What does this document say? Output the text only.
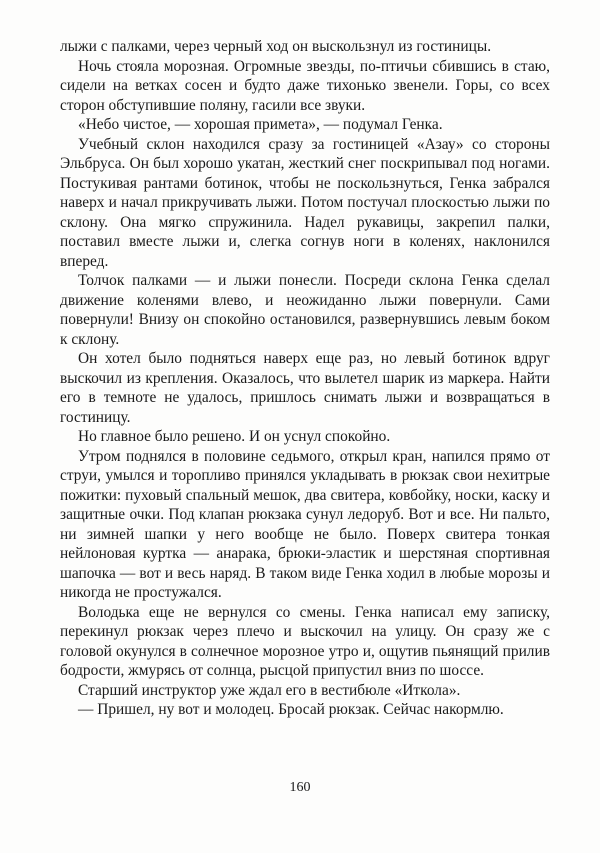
лыжи с палками, через черный ход он выскользнул из гостиницы.

Ночь стояла морозная. Огромные звезды, по-птичьи сбившись в стаю, сидели на ветках сосен и будто даже тихонько звенели. Горы, со всех сторон обступившие поляну, гасили все звуки.

«Небо чистое, — хорошая примета», — подумал Генка.

Учебный склон находился сразу за гостиницей «Азау» со стороны Эльбруса. Он был хорошо укатан, жесткий снег поскрипывал под ногами. Постукивая рантами ботинок, чтобы не поскользнуться, Генка забрался наверх и начал прикручивать лыжи. Потом постучал плоскостью лыжи по склону. Она мягко спружинила. Надел рукавицы, закрепил палки, поставил вместе лыжи и, слегка согнув ноги в коленях, наклонился вперед.

Толчок палками — и лыжи понесли. Посреди склона Генка сделал движение коленями влево, и неожиданно лыжи повернули. Сами повернули! Внизу он спокойно остановился, развернувшись левым боком к склону.

Он хотел было подняться наверх еще раз, но левый ботинок вдруг выскочил из крепления. Оказалось, что вылетел шарик из маркера. Найти его в темноте не удалось, пришлось снимать лыжи и возвращаться в гостиницу.

Но главное было решено. И он уснул спокойно.

Утром поднялся в половине седьмого, открыл кран, напился прямо от струи, умылся и торопливо принялся укладывать в рюкзак свои нехитрые пожитки: пуховый спальный мешок, два свитера, ковбойку, носки, каску и защитные очки. Под клапан рюкзака сунул ледоруб. Вот и все. Ни пальто, ни зимней шапки у него вообще не было. Поверх свитера тонкая нейлоновая куртка — анарака, брюки-эластик и шерстяная спортивная шапочка — вот и весь наряд. В таком виде Генка ходил в любые морозы и никогда не простужался.

Володька еще не вернулся со смены. Генка написал ему записку, перекинул рюкзак через плечо и выскочил на улицу. Он сразу же с головой окунулся в солнечное морозное утро и, ощутив пьянящий прилив бодрости, жмурясь от солнца, рысцой припустил вниз по шоссе.

Старший инструктор уже ждал его в вестибюле «Иткола».

— Пришел, ну вот и молодец. Бросай рюкзак. Сейчас накормлю.

160
